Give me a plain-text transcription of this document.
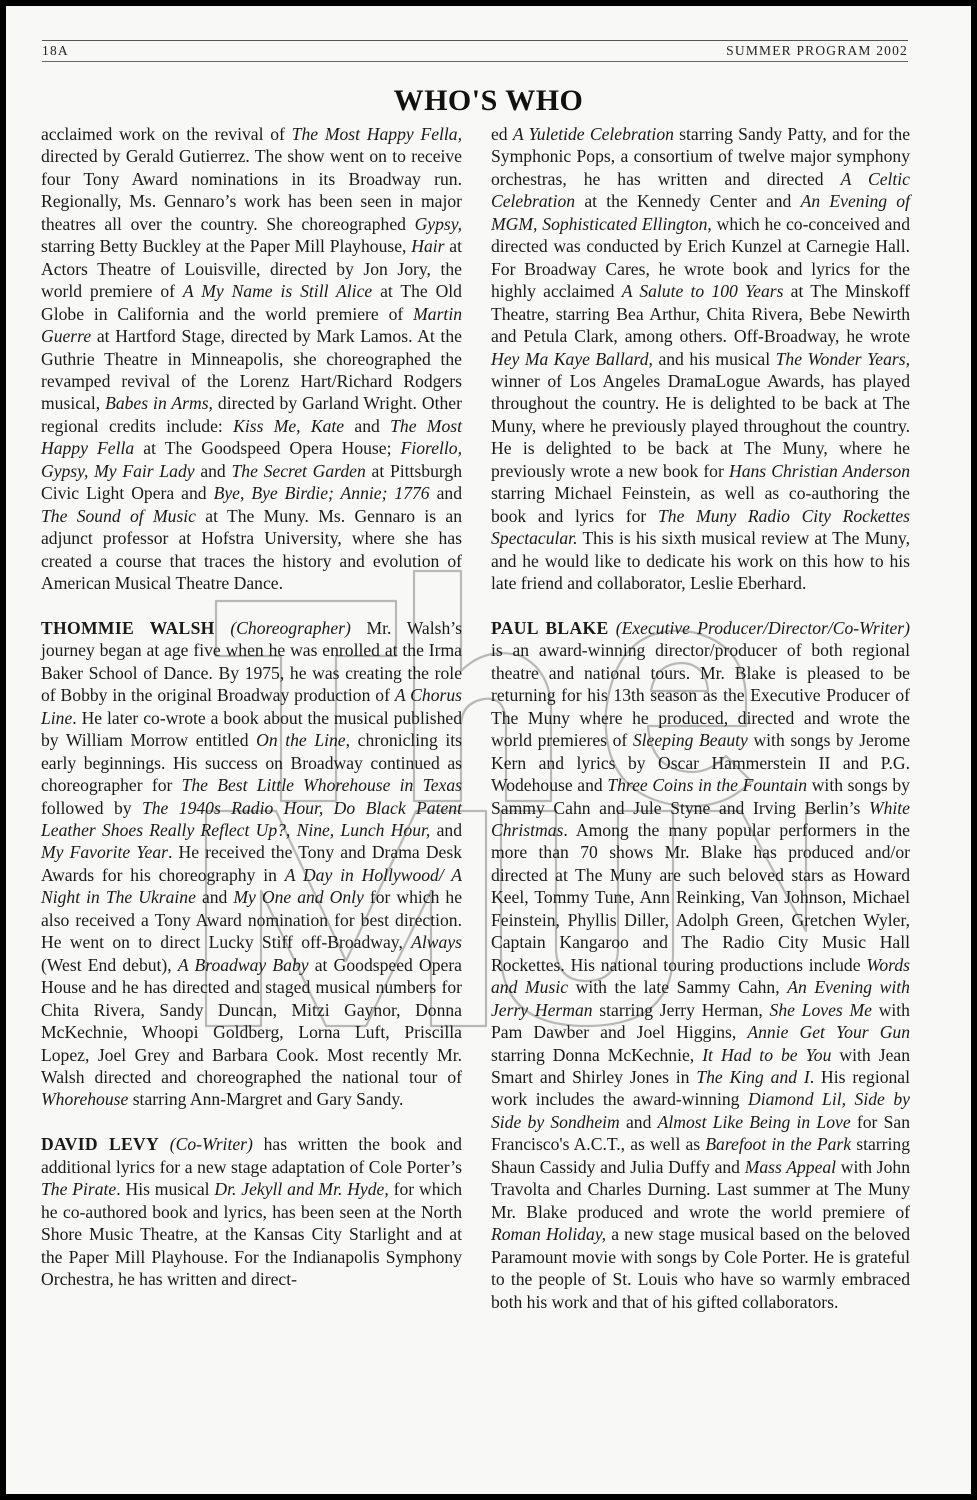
18A	SUMMER PROGRAM 2002
WHO'S WHO

acclaimed work on the revival of The Most Happy Fella, directed by Gerald Gutierrez. The show went on to receive four Tony Award nominations in its Broadway run. Regionally, Ms. Gennaro’s work has been seen in major theatres all over the country. She choreographed Gypsy, starring Betty Buckley at the Paper Mill Playhouse, Hair at Actors Theatre of Louisville, directed by Jon Jory, the world premiere of A My Name is Still Alice at The Old Globe in California and the world premiere of Martin Guerre at Hartford Stage, directed by Mark Lamos. At the Guthrie Theatre in Minneapolis, she choreographed the revamped revival of the Lorenz Hart/Richard Rodgers musical, Babes in Arms, directed by Garland Wright. Other regional credits include: Kiss Me, Kate and The Most Happy Fella at The Goodspeed Opera House; Fiorello, Gypsy, My Fair Lady and The Secret Garden at Pittsburgh Civic Light Opera and Bye, Bye Birdie; Annie; 1776 and The Sound of Music at The Muny. Ms. Gennaro is an adjunct professor at Hofstra University, where she has created a course that traces the history and evolution of American Musical Theatre Dance.

THOMMIE WALSH (Choreographer) Mr. Walsh’s journey began at age five when he was enrolled at the Irma Baker School of Dance. By 1975, he was creating the role of Bobby in the original Broadway production of A Chorus Line. He later co-wrote a book about the musical published by William Morrow entitled On the Line, chronicling its early beginnings. His success on Broadway continued as choreographer for The Best Little Whorehouse in Texas followed by The 1940s Radio Hour, Do Black Patent Leather Shoes Really Reflect Up?, Nine, Lunch Hour, and My Favorite Year. He received the Tony and Drama Desk Awards for his choreography in A Day in Hollywood/ A Night in The Ukraine and My One and Only for which he also received a Tony Award nomination for best direction. He went on to direct Lucky Stiff off-Broadway, Always (West End debut), A Broadway Baby at Goodspeed Opera House and he has directed and staged musical numbers for Chita Rivera, Sandy Duncan, Mitzi Gaynor, Donna McKechnie, Whoopi Goldberg, Lorna Luft, Priscilla Lopez, Joel Grey and Barbara Cook. Most recently Mr. Walsh directed and choreographed the national tour of Whorehouse starring Ann-Margret and Gary Sandy.

DAVID LEVY (Co-Writer) has written the book and additional lyrics for a new stage adaptation of Cole Porter’s The Pirate. His musical Dr. Jekyll and Mr. Hyde, for which he co-authored book and lyrics, has been seen at the North Shore Music Theatre, at the Kansas City Starlight and at the Paper Mill Playhouse. For the Indianapolis Symphony Orchestra, he has written and direct-

ed A Yuletide Celebration starring Sandy Patty, and for the Symphonic Pops, a consortium of twelve major symphony orchestras, he has written and directed A Celtic Celebration at the Kennedy Center and An Evening of MGM, Sophisticated Ellington, which he co-conceived and directed was conducted by Erich Kunzel at Carnegie Hall. For Broadway Cares, he wrote book and lyrics for the highly acclaimed A Salute to 100 Years at The Minskoff Theatre, starring Bea Arthur, Chita Rivera, Bebe Newirth and Petula Clark, among others. Off-Broadway, he wrote Hey Ma Kaye Ballard, and his musical The Wonder Years, winner of Los Angeles DramaLogue Awards, has played throughout the country. He is delighted to be back at The Muny, where he previously played throughout the country. He is delighted to be back at The Muny, where he previously wrote a new book for Hans Christian Anderson starring Michael Feinstein, as well as co-authoring the book and lyrics for The Muny Radio City Rockettes Spectacular. This is his sixth musical review at The Muny, and he would like to dedicate his work on this how to his late friend and collaborator, Leslie Eberhard.

PAUL BLAKE (Executive Producer/Director/Co-Writer) is an award-winning director/producer of both regional theatre and national tours. Mr. Blake is pleased to be returning for his 13th season as the Executive Producer of The Muny where he produced, directed and wrote the world premieres of Sleeping Beauty with songs by Jerome Kern and lyrics by Oscar Hammerstein II and P.G. Wodehouse and Three Coins in the Fountain with songs by Sammy Cahn and Jule Styne and Irving Berlin’s White Christmas. Among the many popular performers in the more than 70 shows Mr. Blake has produced and/or directed at The Muny are such beloved stars as Howard Keel, Tommy Tune, Ann Reinking, Van Johnson, Michael Feinstein, Phyllis Diller, Adolph Green, Gretchen Wyler, Captain Kangaroo and The Radio City Music Hall Rockettes. His national touring productions include Words and Music with the late Sammy Cahn, An Evening with Jerry Herman starring Jerry Herman, She Loves Me with Pam Dawber and Joel Higgins, Annie Get Your Gun starring Donna McKechnie, It Had to be You with Jean Smart and Shirley Jones in The King and I. His regional work includes the award-winning Diamond Lil, Side by Side by Sondheim and Almost Like Being in Love for San Francisco's A.C.T., as well as Barefoot in the Park starring Shaun Cassidy and Julia Duffy and Mass Appeal with John Travolta and Charles Durning. Last summer at The Muny Mr. Blake produced and wrote the world premiere of Roman Holiday, a new stage musical based on the beloved Paramount movie with songs by Cole Porter. He is grateful to the people of St. Louis who have so warmly embraced both his work and that of his gifted collaborators.
